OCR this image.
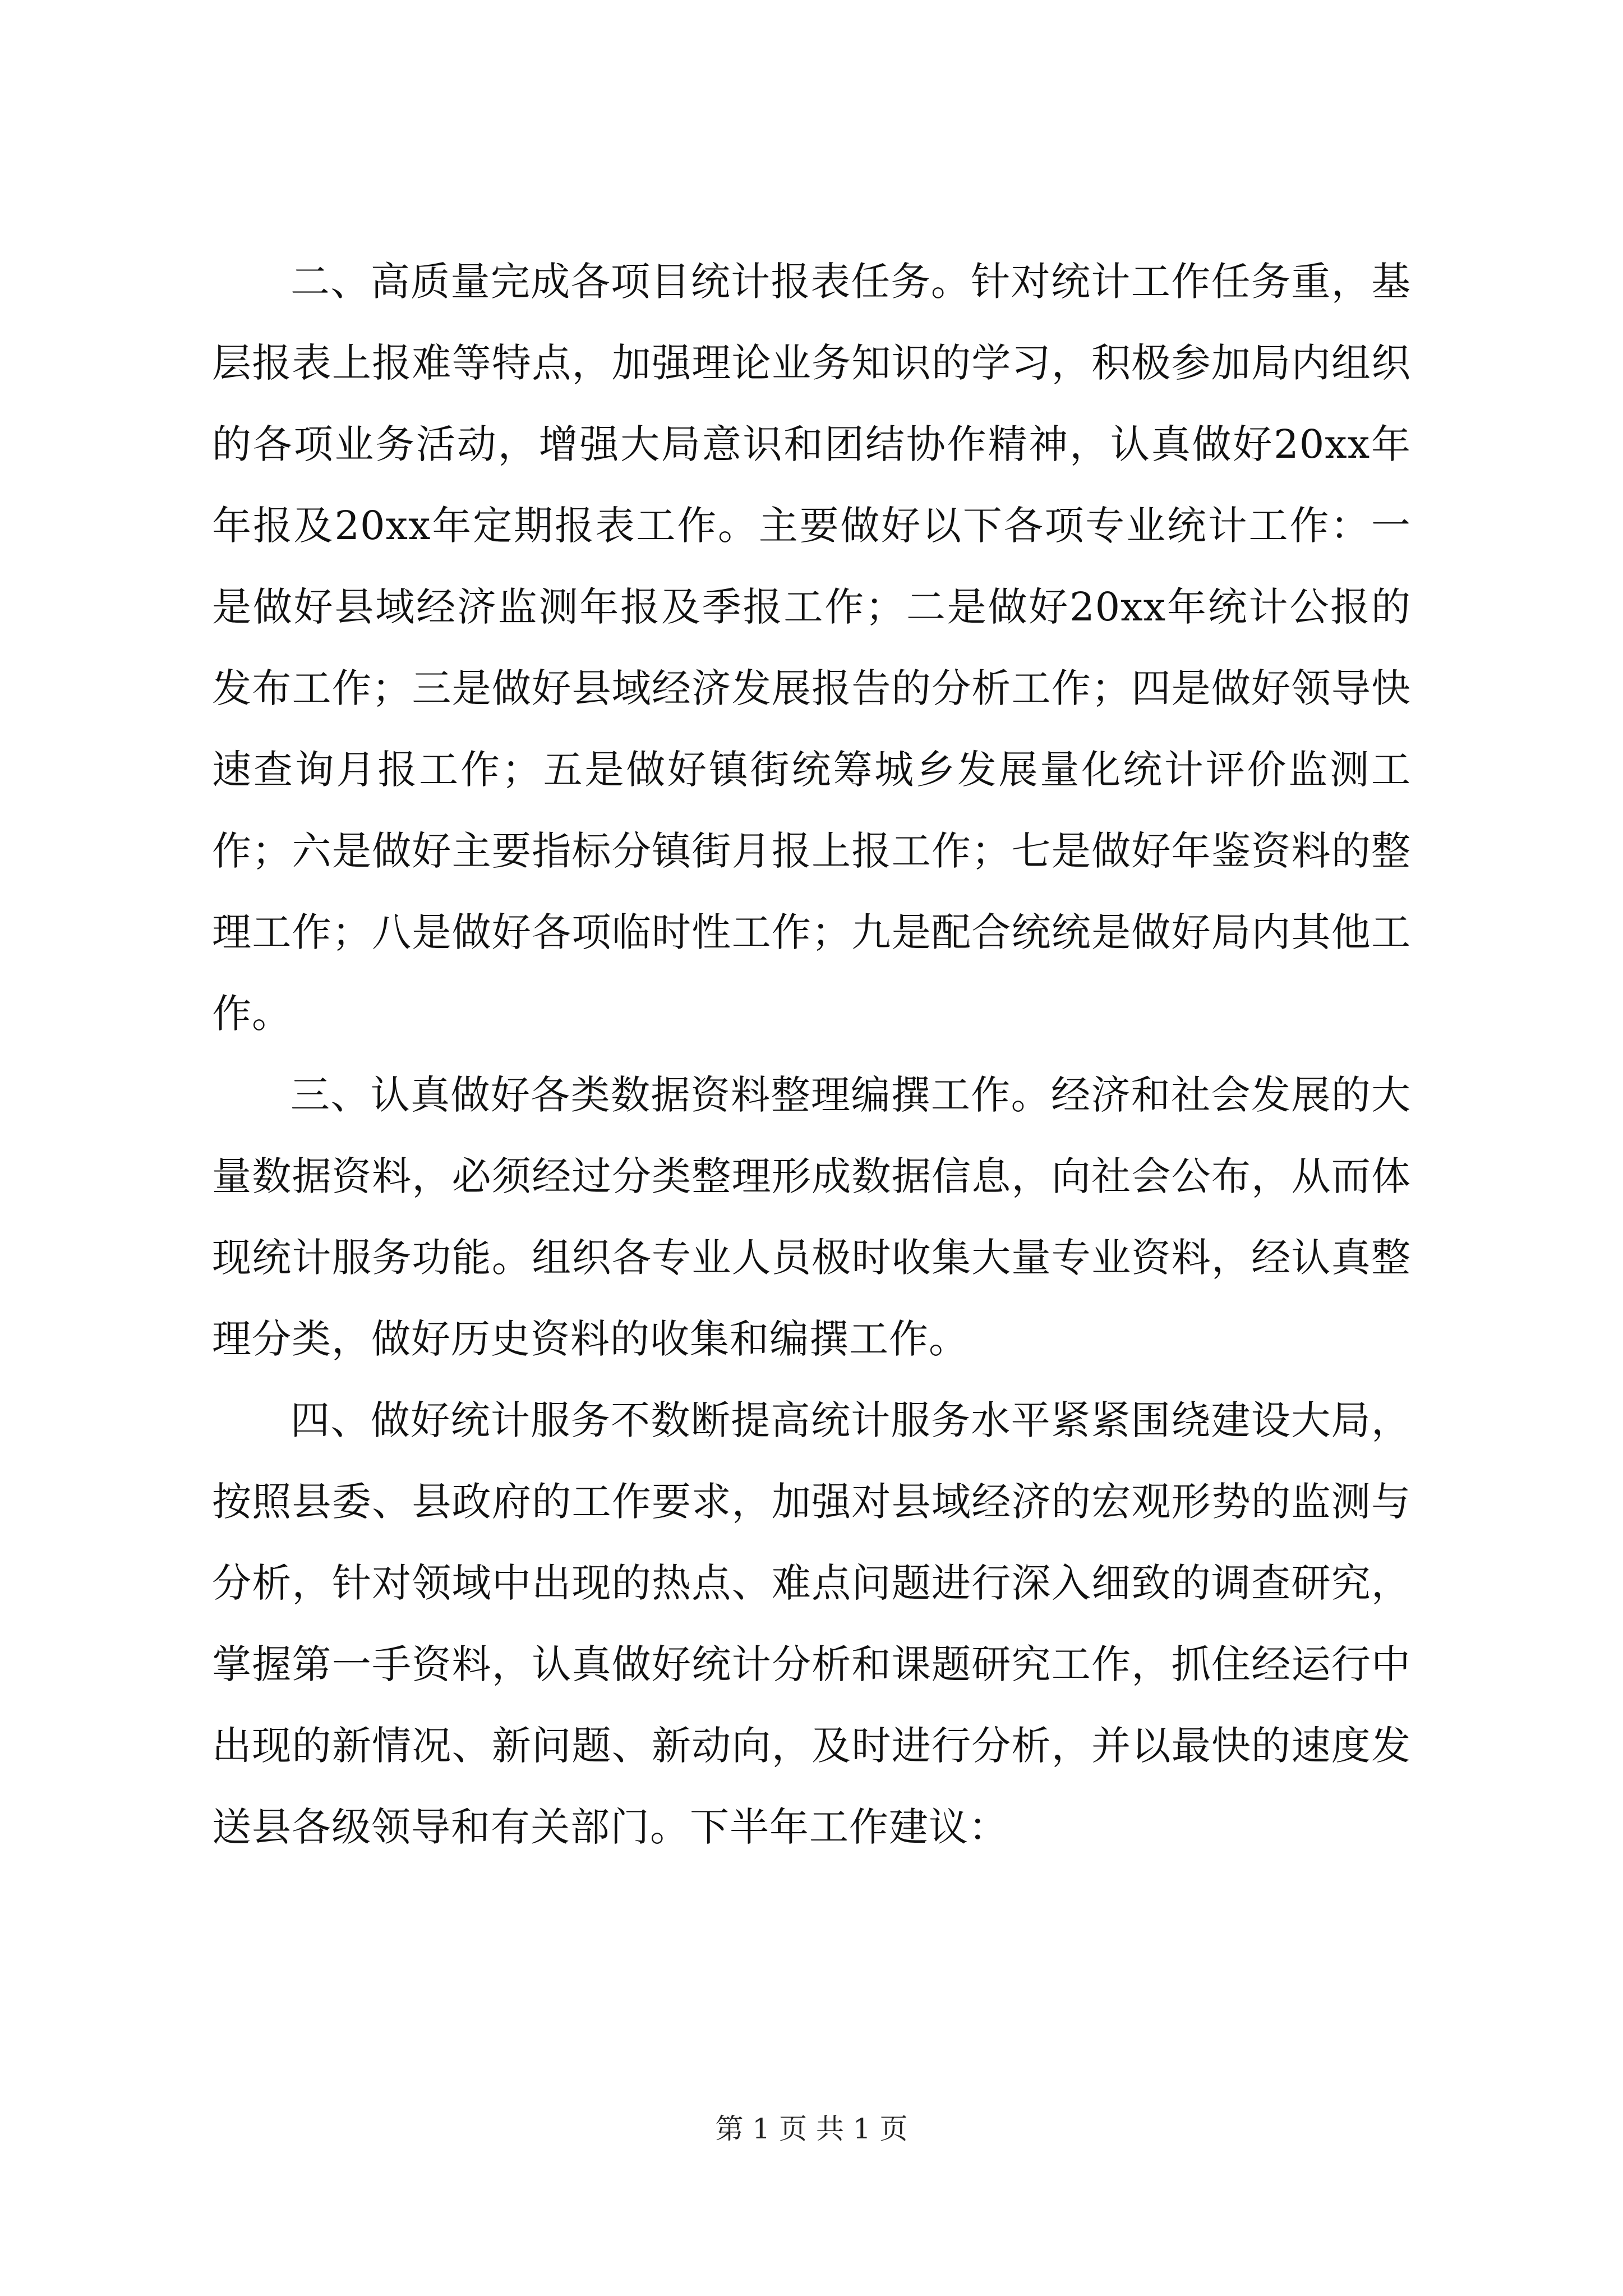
二、高质量完成各项目统计报表任务。针对统计工作任务重，基层报表上报难等特点，加强理论业务知识的学习，积极参加局内组织的各项业务活动，增强大局意识和团结协作精神，认真做好20xx年年报及20xx年定期报表工作。主要做好以下各项专业统计工作：一是做好县域经济监测年报及季报工作；二是做好20xx年统计公报的发布工作；三是做好县域经济发展报告的分析工作；四是做好领导快速查询月报工作；五是做好镇街统筹城乡发展量化统计评价监测工作；六是做好主要指标分镇街月报上报工作；七是做好年鉴资料的整理工作；八是做好各项临时性工作；九是配合统统是做好局内其他工作。

三、认真做好各类数据资料整理编撰工作。经济和社会发展的大量数据资料，必须经过分类整理形成数据信息，向社会公布，从而体现统计服务功能。组织各专业人员极时收集大量专业资料，经认真整理分类，做好历史资料的收集和编撰工作。

四、做好统计服务不数断提高统计服务水平紧紧围绕建设大局，按照县委、县政府的工作要求，加强对县域经济的宏观形势的监测与分析，针对领域中出现的热点、难点问题进行深入细致的调查研究，掌握第一手资料，认真做好统计分析和课题研究工作，抓住经运行中出现的新情况、新问题、新动向，及时进行分析，并以最快的速度发送县各级领导和有关部门。下半年工作建议：

第 1 页 共 1 页
